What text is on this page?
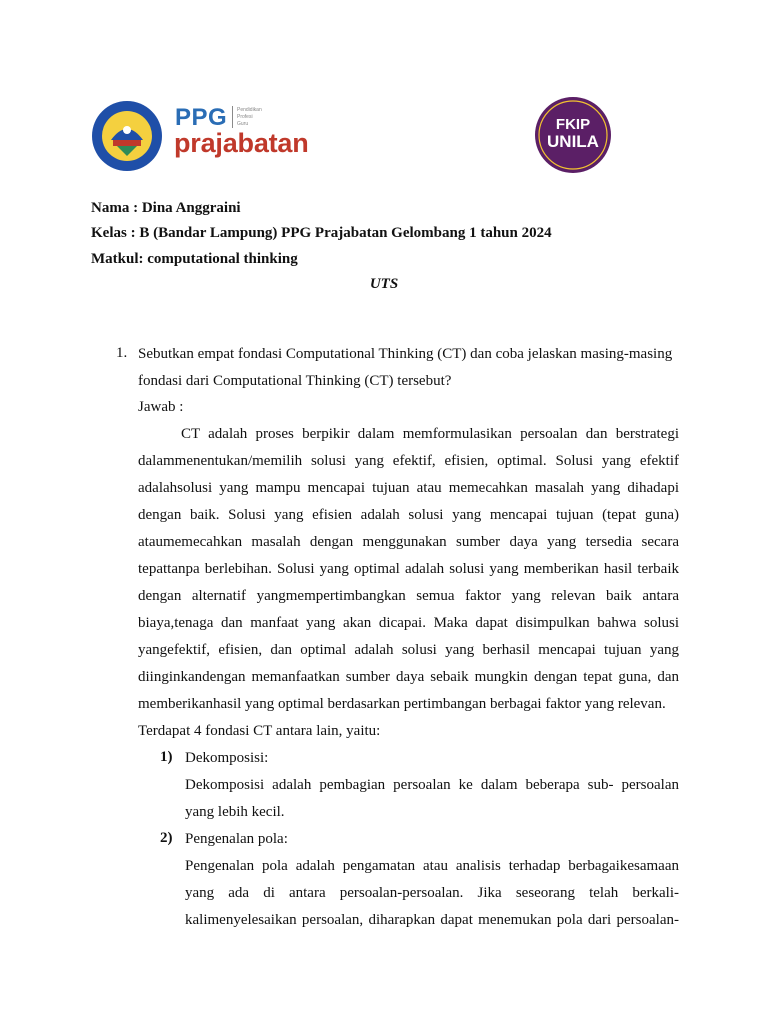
PPG Pendidikan
Profesi
Guru
prajabatan
FKIP
UNILA
Nama : Dina Anggraini
Kelas : B (Bandar Lampung) PPG Prajabatan Gelombang 1 tahun 2024
Matkul: computational thinking
UTS
1. Sebutkan empat fondasi Computational Thinking (CT) dan coba jelaskan masing-masing
fondasi dari Computational Thinking (CT) tersebut?
Jawab :
CT adalah proses berpikir dalam memformulasikan persoalan dan berstrategi
dalammenentukan/memilih solusi yang efektif, efisien, optimal. Solusi yang efektif
adalahsolusi yang mampu mencapai tujuan atau memecahkan masalah yang dihadapi
dengan baik. Solusi yang efisien adalah solusi yang mencapai tujuan (tepat guna)
ataumemecahkan masalah dengan menggunakan sumber daya yang tersedia secara
tepattanpa berlebihan. Solusi yang optimal adalah solusi yang memberikan hasil terbaik
dengan alternatif yangmempertimbangkan semua faktor yang relevan baik antara
biaya,tenaga dan manfaat yang akan dicapai. Maka dapat disimpulkan bahwa solusi
yangefektif, efisien, dan optimal adalah solusi yang berhasil mencapai tujuan yang
diinginkandengan memanfaatkan sumber daya sebaik mungkin dengan tepat guna, dan
memberikanhasil yang optimal berdasarkan pertimbangan berbagai faktor yang relevan.
Terdapat 4 fondasi CT antara lain, yaitu:
1) Dekomposisi:
Dekomposisi adalah pembagian persoalan ke dalam beberapa sub- persoalan
yang lebih kecil.
2) Pengenalan pola:
Pengenalan pola adalah pengamatan atau analisis terhadap berbagaikesamaan
yang ada di antara persoalan-persoalan. Jika seseorang telah berkali-
kalimenyelesaikan persoalan, diharapkan dapat menemukan pola dari persoalan-
